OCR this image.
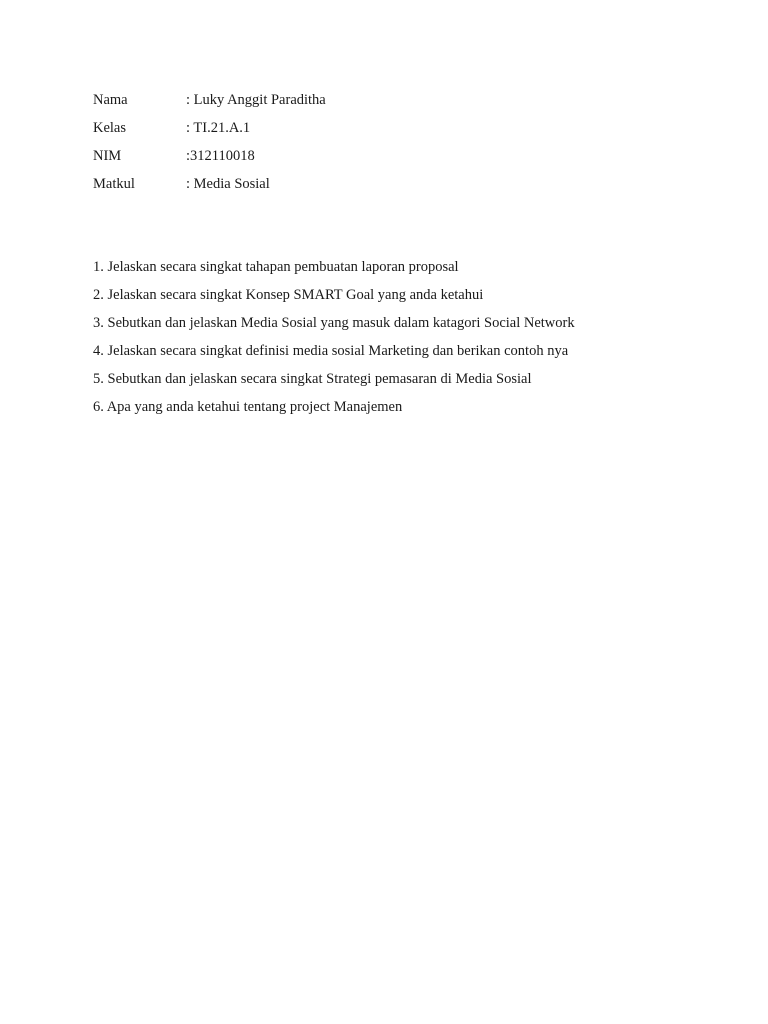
Nama	: Luky Anggit Paraditha
Kelas	: TI.21.A.1
NIM	:312110018
Matkul	: Media Sosial
1. Jelaskan secara singkat tahapan pembuatan laporan proposal
2. Jelaskan secara singkat Konsep SMART Goal yang anda ketahui
3. Sebutkan dan jelaskan Media Sosial yang masuk dalam katagori Social Network
4. Jelaskan secara singkat definisi media sosial Marketing dan berikan contoh nya
5. Sebutkan dan jelaskan secara singkat Strategi pemasaran di Media Sosial
6. Apa yang anda ketahui tentang project Manajemen
